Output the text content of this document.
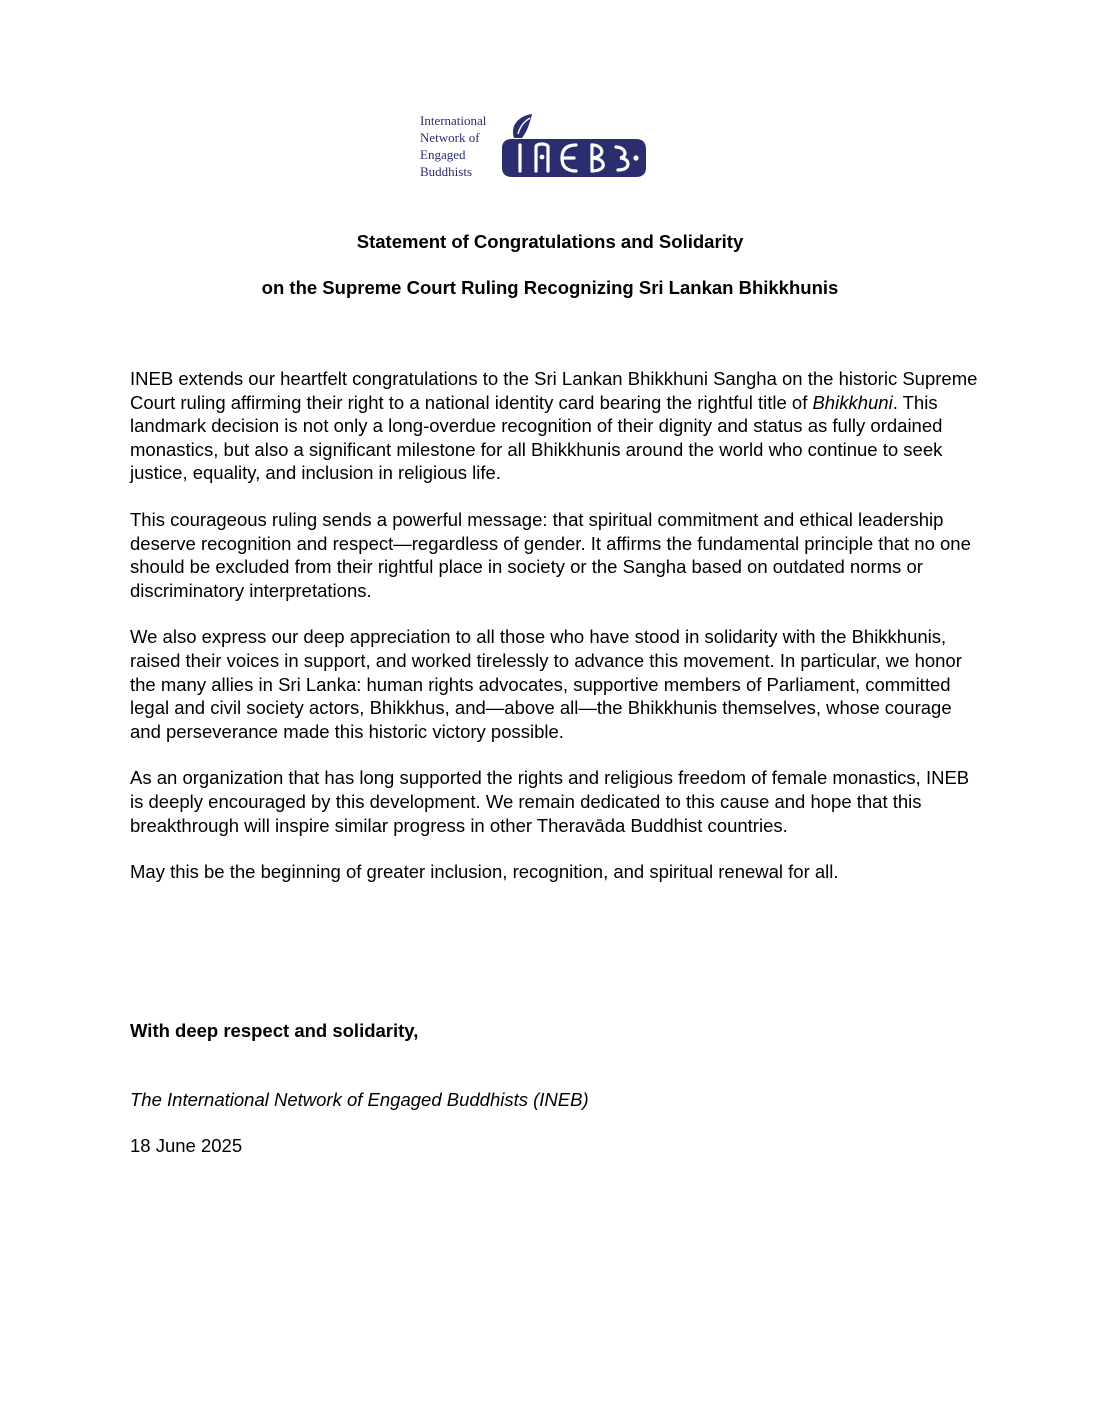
International
Network of
Engaged
Buddhists
Statement of Congratulations and Solidarity
on the Supreme Court Ruling Recognizing Sri Lankan Bhikkhunis

INEB extends our heartfelt congratulations to the Sri Lankan Bhikkhuni Sangha on the historic Supreme Court ruling affirming their right to a national identity card bearing the rightful title of Bhikkhuni. This landmark decision is not only a long-overdue recognition of their dignity and status as fully ordained monastics, but also a significant milestone for all Bhikkhunis around the world who continue to seek justice, equality, and inclusion in religious life.

This courageous ruling sends a powerful message: that spiritual commitment and ethical leadership deserve recognition and respect—regardless of gender. It affirms the fundamental principle that no one should be excluded from their rightful place in society or the Sangha based on outdated norms or discriminatory interpretations.

We also express our deep appreciation to all those who have stood in solidarity with the Bhikkhunis, raised their voices in support, and worked tirelessly to advance this movement. In particular, we honor the many allies in Sri Lanka: human rights advocates, supportive members of Parliament, committed legal and civil society actors, Bhikkhus, and—above all—the Bhikkhunis themselves, whose courage and perseverance made this historic victory possible.

As an organization that has long supported the rights and religious freedom of female monastics, INEB is deeply encouraged by this development. We remain dedicated to this cause and hope that this breakthrough will inspire similar progress in other Theravāda Buddhist countries.

May this be the beginning of greater inclusion, recognition, and spiritual renewal for all.

With deep respect and solidarity,

The International Network of Engaged Buddhists (INEB)

18 June 2025
